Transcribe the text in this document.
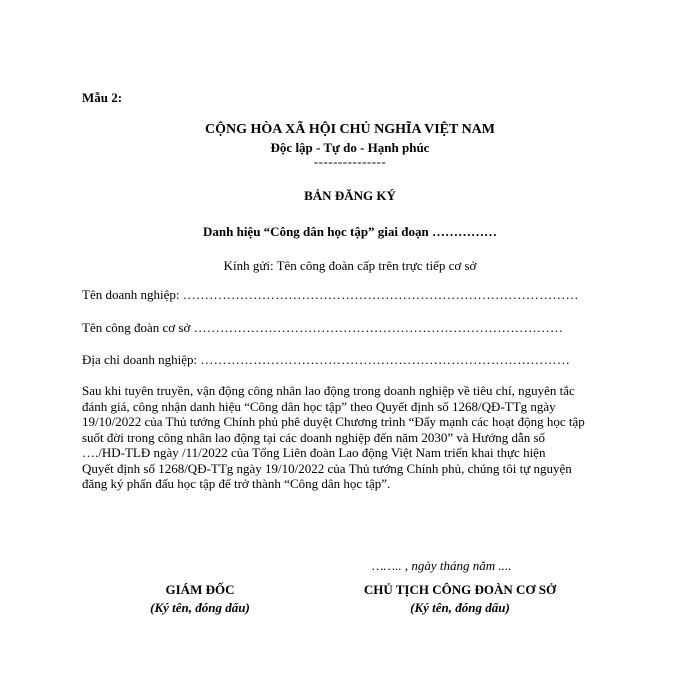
Mẫu 2:
CỘNG HÒA XÃ HỘI CHỦ NGHĨA VIỆT NAM
Độc lập - Tự do - Hạnh phúc
---------------
BẢN ĐĂNG KÝ
Danh hiệu “Công dân học tập” giai đoạn ……………
Kính gửi: Tên công đoàn cấp trên trực tiếp cơ sở
Tên doanh nghiệp: ………………………………………………………………………………
Tên công đoàn cơ sở …………………………………………………………………………
Địa chỉ doanh nghiệp: …………………………………………………………………………
Sau khi tuyên truyền, vận động công nhân lao động trong doanh nghiệp về tiêu chí, nguyên tắc
đánh giá, công nhận danh hiệu “Công dân học tập” theo Quyết định số 1268/QĐ-TTg ngày
19/10/2022 của Thủ tướng Chính phủ phê duyệt Chương trình “Đẩy mạnh các hoạt động học tập
suốt đời trong công nhân lao động tại các doanh nghiệp đến năm 2030” và Hướng dẫn số
…./HD-TLĐ ngày /11/2022 của Tổng Liên đoàn Lao động Việt Nam triển khai thực hiện
Quyết định số 1268/QĐ-TTg ngày 19/10/2022 của Thủ tướng Chính phủ, chúng tôi tự nguyện
đăng ký phấn đấu học tập để trở thành “Công dân học tập”.
…….. , ngày tháng năm ....
GIÁM ĐỐC
(Ký tên, đóng dấu)
CHỦ TỊCH CÔNG ĐOÀN CƠ SỞ
(Ký tên, đóng dấu)
